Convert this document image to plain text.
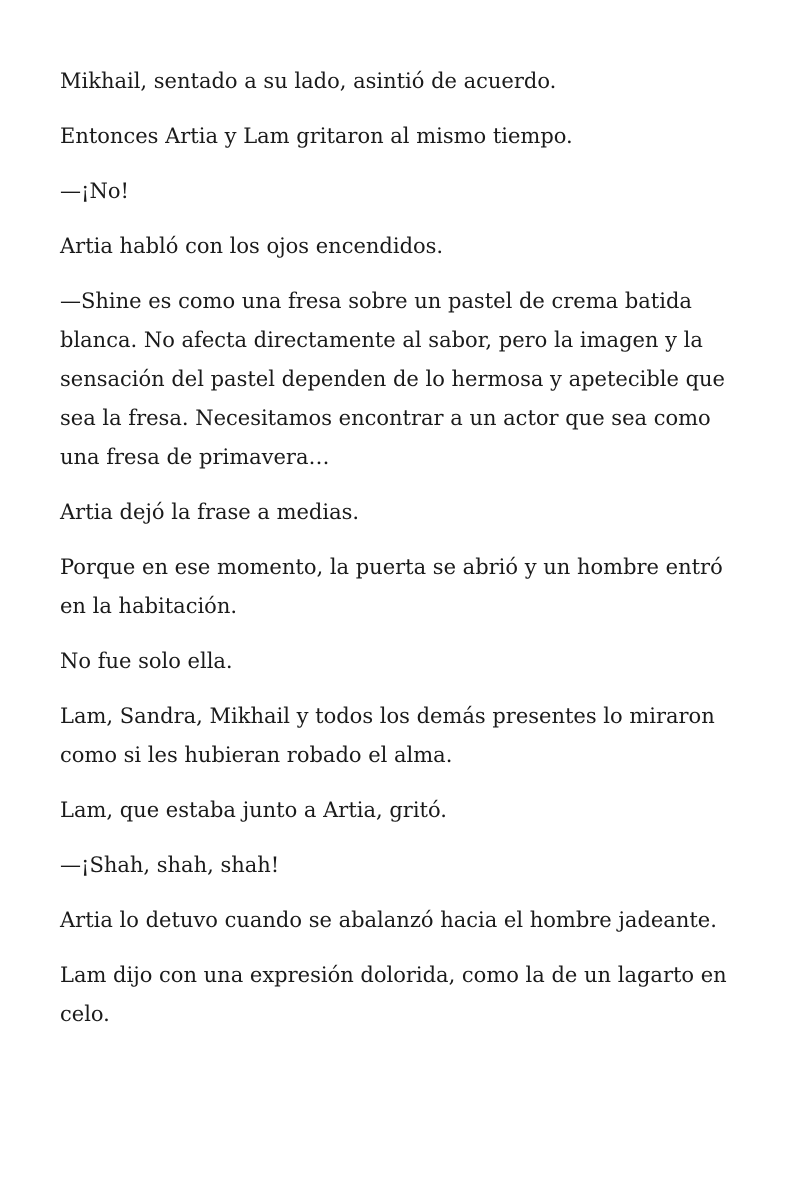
Mikhail, sentado a su lado, asintió de acuerdo.

Entonces Artia y Lam gritaron al mismo tiempo.

—¡No!

Artia habló con los ojos encendidos.

—Shine es como una fresa sobre un pastel de crema batida blanca. No afecta directamente al sabor, pero la imagen y la sensación del pastel dependen de lo hermosa y apetecible que sea la fresa. Necesitamos encontrar a un actor que sea como una fresa de primavera…

Artia dejó la frase a medias.

Porque en ese momento, la puerta se abrió y un hombre entró en la habitación.

No fue solo ella.

Lam, Sandra, Mikhail y todos los demás presentes lo miraron como si les hubieran robado el alma.

Lam, que estaba junto a Artia, gritó.

—¡Shah, shah, shah!

Artia lo detuvo cuando se abalanzó hacia el hombre jadeante.

Lam dijo con una expresión dolorida, como la de un lagarto en celo.
